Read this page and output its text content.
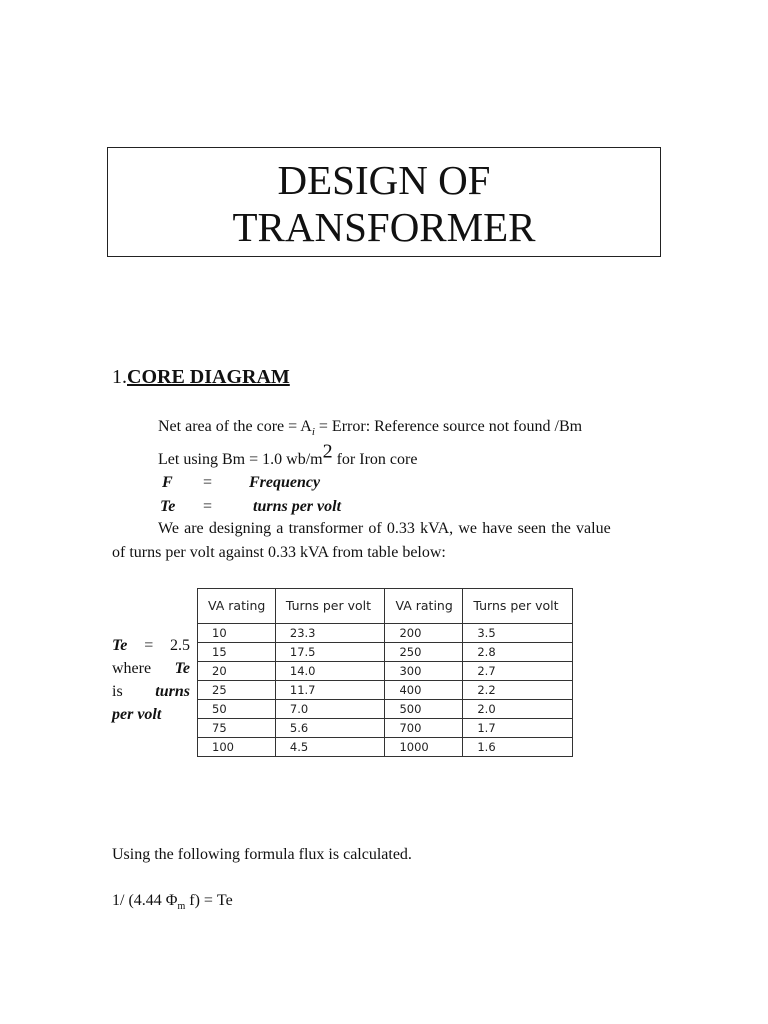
DESIGN OF
TRANSFORMER
1.CORE DIAGRAM
Net area of the core = $A_i$ = Error: Reference source not found /Bm
Let using Bm = 1.0 $wb/m^2$ for Iron core
F = Frequency
Te =	turns per volt
We are designing a transformer of 0.33 kVA, we have seen the value
of turns per volt against 0.33 kVA from table below:
Te = 2.5
where Te
is turns
per volt
VA rating	Turns per volt	VA rating	Turns per volt
10	23.3	200	3.5
15	17.5	250	2.8
20	14.0	300	2.7
25	11.7	400	2.2
50	7.0	500	2.0
75	5.6	700	1.7
100	4.5	1000	1.6
Using the following formula flux is calculated.
1/ (4.44 $\Phi_m$ f) = Te
